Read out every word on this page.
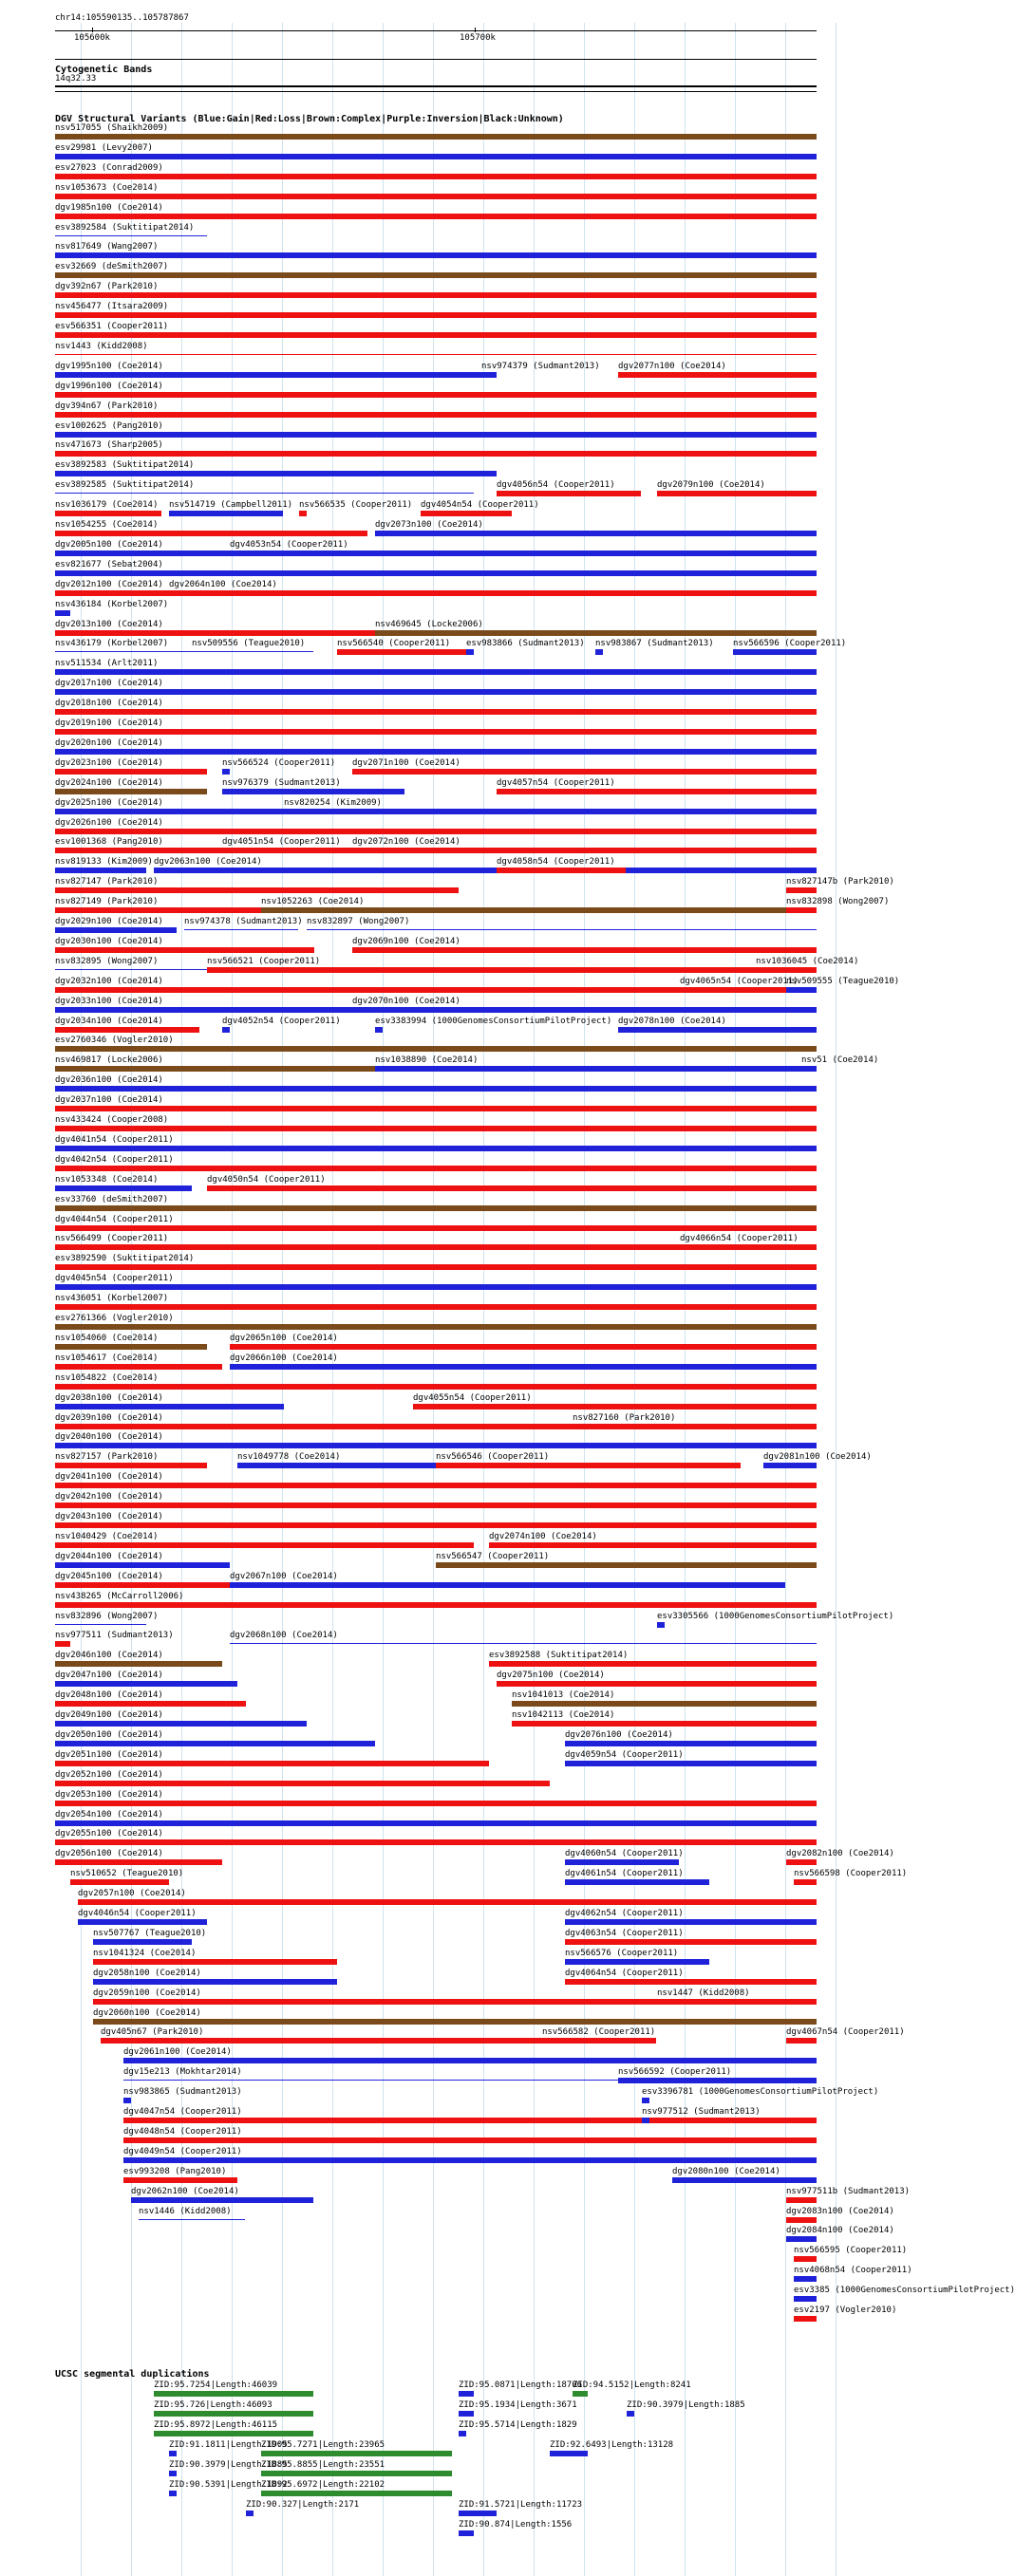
chr14:105590135..105787867
105600k	105700k
Cytogenetic Bands
14q32.33
DGV Structural Variants (Blue:Gain|Red:Loss|Brown:Complex|Purple:Inversion|Black:Unknown)
nsv517055 (Shaikh2009)
esv29981 (Levy2007)
esv27023 (Conrad2009)
nsv1053673 (Coe2014)
dgv1985n100 (Coe2014)
esv3892584 (Suktitipat2014)
nsv817649 (Wang2007)
esv32669 (deSmith2007)
dgv392n67 (Park2010)
nsv456477 (Itsara2009)
esv566351 (Cooper2011)
nsv1443 (Kidd2008)
dgv1995n100 (Coe2014)	nsv974379 (Sudmant2013) dgv2077n100 (Coe2014)
dgv1996n100 (Coe2014)
dgv394n67 (Park2010)
esv1002625 (Pang2010)
nsv471673 (Sharp2005)
esv3892583 (Suktitipat2014)
esv3892585 (Suktitipat2014)	dgv4056n54 (Cooper2011)	dgv2079n100 (Coe2014)
nsv1036179 (Coe2014) nsv514719 (Campbell2011) nsv566535 (Cooper2011) dgv4054n54 (Cooper2011)
nsv1054255 (Coe2014)	dgv2073n100 (Coe2014)
dgv2005n100 (Coe2014)	dgv4053n54 (Cooper2011)
esv821677 (Sebat2004)
dgv2012n100 (Coe2014) dgv2064n100 (Coe2014)
nsv436184 (Korbel2007)
dgv2013n100 (Coe2014)	nsv469645 (Locke2006)
nsv436179 (Korbel2007)	nsv509556 (Teague2010)	nsv566540 (Cooper2011) esv983866 (Sudmant2013) nsv983867 (Sudmant2013) nsv566596 (Cooper2011)
nsv511534 (Arlt2011)
dgv2017n100 (Coe2014)
dgv2018n100 (Coe2014)
dgv2019n100 (Coe2014)
dgv2020n100 (Coe2014)
dgv2023n100 (Coe2014)	nsv566524 (Cooper2011) dgv2071n100 (Coe2014)
dgv2024n100 (Coe2014)	nsv976379 (Sudmant2013)	dgv4057n54 (Cooper2011)
dgv2025n100 (Coe2014)	nsv820254 (Kim2009)
dgv2026n100 (Coe2014)
esv1001368 (Pang2010)	dgv4051n54 (Cooper2011) dgv2072n100 (Coe2014)
nsv819133 (Kim2009) dgv2063n100 (Coe2014)	dgv4058n54 (Cooper2011)
nsv827147 (Park2010)	nsv827147b (Park2010)
nsv827149 (Park2010)	nsv1052263 (Coe2014)	nsv832898 (Wong2007)
dgv2029n100 (Coe2014) nsv974378 (Sudmant2013) nsv832897 (Wong2007)
dgv2030n100 (Coe2014)	dgv2069n100 (Coe2014)
nsv832895 (Wong2007)	nsv566521 (Cooper2011)	nsv1036045 (Coe2014)
dgv2032n100 (Coe2014)	dgv4065n54 (Cooper2011)
nsv509555 (Teague2010)
dgv2033n100 (Coe2014)	dgv2070n100 (Coe2014)
dgv2034n100 (Coe2014)	dgv4052n54 (Cooper2011)	esv3383994 (1000GenomesConsortiumPilotProject) dgv2078n100 (Coe2014)
esv2760346 (Vogler2010)
nsv469817 (Locke2006)	nsv1038890 (Coe2014)	nsv51 (Coe2014)
dgv2036n100 (Coe2014)
dgv2037n100 (Coe2014)
nsv433424 (Cooper2008)
dgv4041n54 (Cooper2011)
dgv4042n54 (Cooper2011)
nsv1053348 (Coe2014)	dgv4050n54 (Cooper2011)
esv33760 (deSmith2007)
dgv4044n54 (Cooper2011)
nsv566499 (Cooper2011)	dgv4066n54 (Cooper2011)
esv3892590 (Suktitipat2014)
dgv4045n54 (Cooper2011)
nsv436051 (Korbel2007)
esv2761366 (Vogler2010)
nsv1054060 (Coe2014)	dgv2065n100 (Coe2014)
nsv1054617 (Coe2014)	dgv2066n100 (Coe2014)
nsv1054822 (Coe2014)
dgv2038n100 (Coe2014)	dgv4055n54 (Cooper2011)
dgv2039n100 (Coe2014)	nsv827160 (Park2010)
dgv2040n100 (Coe2014)
nsv827157 (Park2010)	nsv1049778 (Coe2014)	nsv566546 (Cooper2011)	dgv2081n100 (Coe2014)
dgv2041n100 (Coe2014)
dgv2042n100 (Coe2014)
dgv2043n100 (Coe2014)
nsv1040429 (Coe2014)	dgv2074n100 (Coe2014)
dgv2044n100 (Coe2014)	nsv566547 (Cooper2011)
dgv2045n100 (Coe2014)	dgv2067n100 (Coe2014)
nsv438265 (McCarroll2006)
nsv832896 (Wong2007)	esv3305566 (1000GenomesConsortiumPilotProject)
nsv977511 (Sudmant2013)	dgv2068n100 (Coe2014)
dgv2046n100 (Coe2014)	esv3892588 (Suktitipat2014)
dgv2047n100 (Coe2014)	dgv2075n100 (Coe2014)
dgv2048n100 (Coe2014)	nsv1041013 (Coe2014)
dgv2049n100 (Coe2014)	nsv1042113 (Coe2014)
dgv2050n100 (Coe2014)	dgv2076n100 (Coe2014)
dgv2051n100 (Coe2014)	dgv4059n54 (Cooper2011)
dgv2052n100 (Coe2014)
dgv2053n100 (Coe2014)
dgv2054n100 (Coe2014)
dgv2055n100 (Coe2014)
dgv2056n100 (Coe2014)	dgv4060n54 (Cooper2011)	dgv2082n100 (Coe2014)
nsv510652 (Teague2010)	dgv4061n54 (Cooper2011)	nsv566598 (Cooper2011)
dgv2057n100 (Coe2014)
dgv4046n54 (Cooper2011)	dgv4062n54 (Cooper2011)
nsv507767 (Teague2010)	dgv4063n54 (Cooper2011)
nsv1041324 (Coe2014)	nsv566576 (Cooper2011)
dgv2058n100 (Coe2014)	dgv4064n54 (Cooper2011)
dgv2059n100 (Coe2014)	nsv1447 (Kidd2008)
dgv2060n100 (Coe2014)
dgv405n67 (Park2010)	nsv566582 (Cooper2011)	dgv4067n54 (Cooper2011)
dgv2061n100 (Coe2014)
dgv15e213 (Mokhtar2014)	nsv566592 (Cooper2011)
nsv983865 (Sudmant2013)	esv3396781 (1000GenomesConsortiumPilotProject)
dgv4047n54 (Cooper2011)	nsv977512 (Sudmant2013)
dgv4048n54 (Cooper2011)
dgv4049n54 (Cooper2011)
esv993208 (Pang2010)	dgv2080n100 (Coe2014)
dgv2062n100 (Coe2014)	nsv977511b (Sudmant2013)
nsv1446 (Kidd2008)	dgv2083n100 (Coe2014)
dgv2084n100 (Coe2014)
nsv566595 (Cooper2011)
nsv4068n54 (Cooper2011)
esv3385 (1000GenomesConsortiumPilotProject)
esv2197 (Vogler2010)
UCSC segmental duplications
ZID:95.7254|Length:46039	ZID:95.0871|Length:18706
ZID:94.5152|Length:8241
ZID:95.726|Length:46093	ZID:95.1934|Length:3671	ZID:90.3979|Length:1885
ZID:95.8972|Length:46115	ZID:95.5714|Length:1829
ZID:91.1811|Length:1905
ZID:95.7271|Length:23965	ZID:92.6493|Length:13128
ZID:90.3979|Length:1885
ZID:95.8855|Length:23551
ZID:90.5391|Length:1892
ZID:95.6972|Length:22102
ZID:90.327|Length:2171	ZID:91.5721|Length:11723
ZID:90.874|Length:1556
